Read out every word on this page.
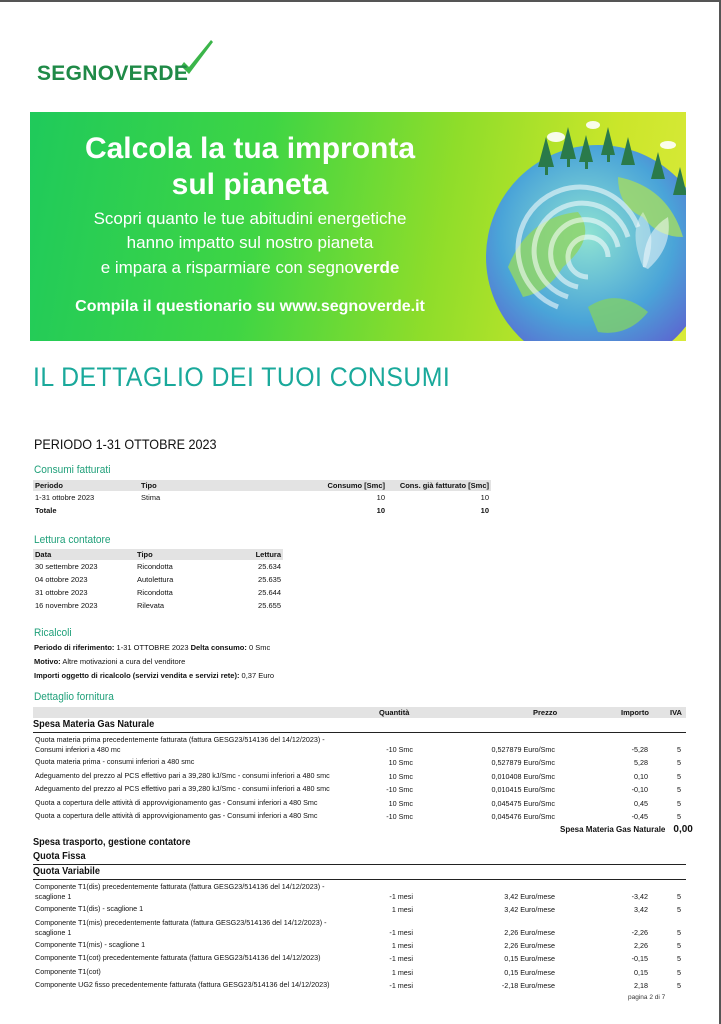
SEGNOVERDE
Calcola la tua impronta
sul pianeta
Scopri quanto le tue abitudini energetiche
hanno impatto sul nostro pianeta
e impara a risparmiare con segnoverde
Compila il questionario su www.segnoverde.it
IL DETTAGLIO DEI TUOI CONSUMI
PERIODO 1-31 OTTOBRE 2023
Consumi fatturati
Periodo	Tipo	Consumo [Smc]	Cons. già fatturato [Smc]
1-31 ottobre 2023	Stima	10	10
Totale		10	10
Lettura contatore
Data	Tipo	Lettura
30 settembre 2023	Ricondotta	25.634
04 ottobre 2023	Autolettura	25.635
31 ottobre 2023	Ricondotta	25.644
16 novembre 2023	Rilevata	25.655
Ricalcoli
Periodo di riferimento: 1-31 OTTOBRE 2023 Delta consumo: 0 Smc
Motivo: Altre motivazioni a cura del venditore
Importi oggetto di ricalcolo (servizi vendita e servizi rete): 0,37 Euro
Dettaglio fornitura
Quantità	Prezzo	Importo	IVA
Spesa Materia Gas Naturale
Quota materia prima precedentemente fatturata (fattura GESG23/514136 del 14/12/2023) -
Consumi inferiori a 480 mc	-10 Smc	0,527879 Euro/Smc	-5,28	5
Quota materia prima - consumi inferiori a 480 smc	10 Smc	0,527879 Euro/Smc	5,28	5
Adeguamento del prezzo al PCS effettivo pari a 39,280 kJ/Smc - consumi inferiori a 480 smc	10 Smc	0,010408 Euro/Smc	0,10	5
Adeguamento del prezzo al PCS effettivo pari a 39,280 kJ/Smc - consumi inferiori a 480 smc	-10 Smc	0,010415 Euro/Smc	-0,10	5
Quota a copertura delle attività di approvvigionamento gas - Consumi inferiori a 480 Smc	10 Smc	0,045475 Euro/Smc	0,45	5
Quota a copertura delle attività di approvvigionamento gas - Consumi inferiori a 480 Smc	-10 Smc	0,045476 Euro/Smc	-0,45	5
Spesa Materia Gas Naturale 0,00
Spesa trasporto, gestione contatore
Quota Fissa
Quota Variabile
Componente T1(dis) precedentemente fatturata (fattura GESG23/514136 del 14/12/2023) -
scaglione 1	-1 mesi	3,42 Euro/mese	-3,42	5
Componente T1(dis) - scaglione 1	1 mesi	3,42 Euro/mese	3,42	5
Componente T1(mis) precedentemente fatturata (fattura GESG23/514136 del 14/12/2023) -
scaglione 1	-1 mesi	2,26 Euro/mese	-2,26	5
Componente T1(mis) - scaglione 1	1 mesi	2,26 Euro/mese	2,26	5
Componente T1(cot) precedentemente fatturata (fattura GESG23/514136 del 14/12/2023)	-1 mesi	0,15 Euro/mese	-0,15	5
Componente T1(cot)	1 mesi	0,15 Euro/mese	0,15	5
Componente UG2 fisso precedentemente fatturata (fattura GESG23/514136 del 14/12/2023)	-1 mesi	-2,18 Euro/mese	2,18	5
pagina 2 di 7
